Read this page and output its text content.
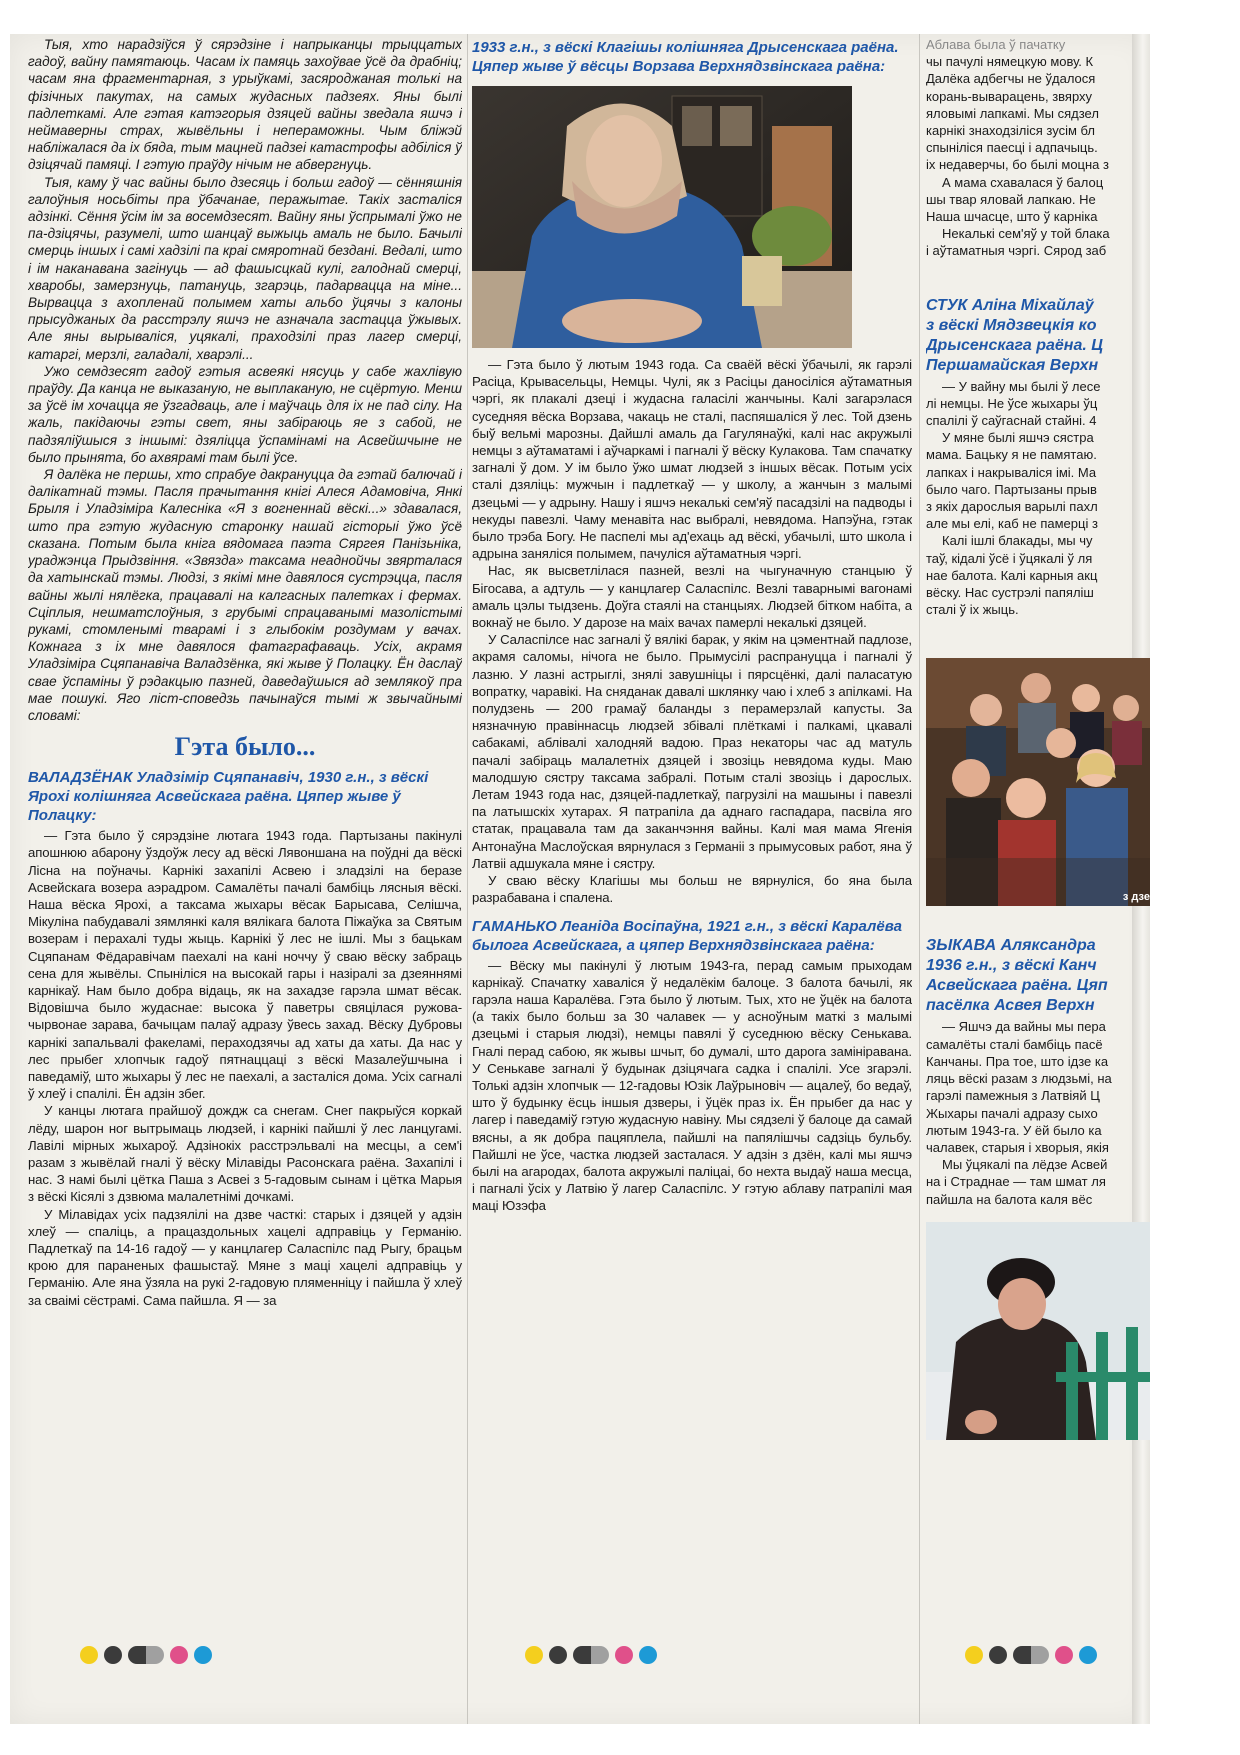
Тыя, хто нарадзіўся ў сярэдзіне і напрыканцы трыццатых гадоў, вайну памятаюць. Часам іх памяць захоўвае ўсё да драбніц; часам яна фрагментарная, з урыўкамі, засяроджаная толькі на фізічных пакутах, на самых жудасных падзеях. Яны былі падлеткамі. Але гэтая катэгорыя дзяцей вайны зведала яшчэ і неймаверны страх, жывёльны і непераможны. Чым бліжэй набліжалася да іх бяда, тым мацней падзеі катастрофы адбіліся ў дзіцячай памяці. І гэтую праўду нічым не абвергнуць.

Тыя, каму ў час вайны было дзесяць і больш гадоў — сённяшнія галоўныя носьбіты пра ўбачанае, перажытае. Такіх засталіся адзінкі. Сёння ўсім ім за восемдзесят. Вайну яны ўспрымалі ўжо не па-дзіцячы, разумелі, што шанцаў выжыць амаль не было. Бачылі смерць іншых і самі хадзілі па краі смяротнай бездані. Ведалі, што і ім наканавана загінуць — ад фашысцкай кулі, галоднай смерці, хваробы, замерзнуць, патануць, згарэць, падарвацца на міне... Вырвацца з ахопленай полымем хаты альбо ўцячы з калоны прысуджаных да расстрэлу яшчэ не азначала застацца ўжывых. Але яны вырываліся, уцякалі, праходзілі праз лагер смерці, катаргі, мерзлі, галадалі, хварэлі...

Ужо семдзесят гадоў гэтыя асвеякі нясуць у сабе жахлівую праўду. Да канца не выказаную, не выплаканую, не сцёртую. Менш за ўсё ім хочацца яе ўзгадваць, але і маўчаць для іх не пад сілу. На жаль, пакідаючы гэты свет, яны забіраюць яе з сабой, не падзяліўшыся з іншымі: дзяліцца ўспамінамі на Асвейшчыне не было прынята, бо ахвярамі там былі ўсе.

Я далёка не першы, хто спрабуе дакрануцца да гэтай балючай і далікатнай тэмы. Пасля прачытання кнігі Алеся Адамовіча, Янкі Брыля і Уладзіміра Калесніка «Я з вогненнай вёскі...» здавалася, што пра гэтую жудасную старонку нашай гісторыі ўжо ўсё сказана. Потым была кніга вядомага паэта Сяргея Панізьніка, ураджэнца Прыдзвіння. «Звязда» таксама неаднойчы звярталася да хатынскай тэмы. Людзі, з якімі мне давялося сустрэцца, пасля вайны жылі нялёгка, працавалі на калгасных палетках і фермах. Сціплыя, нешматслоўныя, з грубымі спрацаванымі мазолістымі рукамі, стомленымі тварамі і з глыбокім роздумам у вачах. Кожнага з іх мне давялося фатаграфаваць. Усіх, акрамя Уладзіміра Сцяпанавіча Валадзёнка, які жыве ў Полацку. Ён даслаў свае ўспаміны ў рэдакцыю пазней, даведаўшыся ад землякоў пра мае пошукі. Яго ліст-споведзь пачынаўся тымі ж звычайнымі словамі:

Гэта было...
ВАЛАДЗЁНАК Уладзімір Сцяпанавіч, 1930 г.н., з вёскі Ярохі колішняга Асвейскага раёна. Цяпер жыве ў Полацку:

— Гэта было ў сярэдзіне лютага 1943 года. Партызаны пакінулі апошнюю абарону ўздоўж лесу ад вёскі Лявоншана на поўдні да вёскі Лісна на поўначы. Карнікі захапілі Асвею і зладзілі на беразе Асвейскага возера аэрадром. Самалёты пачалі бамбіць лясныя вёскі. Наша вёска Ярохі, а таксама жыхары вёсак Барысава, Селішча, Мікуліна пабудавалі зямлянкі каля вялікага балота Піжаўка за Святым возерам і перахалі туды жыць. Карнікі ў лес не ішлі. Мы з бацькам Сцяпанам Фёдаравічам паехалі на кані ноччу ў сваю вёску забраць сена для жывёлы. Спыніліся на высокай гары і назіралі за дзеяннямі карнікаў. Нам было добра відаць, як на захадзе гарэла шмат вёсак. Відовішча было жудаснае: высока ў паветры свяцілася ружова-чырвонае зарава, бачыцам палаў адразу ўвесь захад. Вёску Дубровы карнікі запальвалі факеламі, пераходзячы ад хаты да хаты. Да нас у лес прыбег хлопчык гадоў пятнаццаці з вёскі Мазалеўшчына і паведаміў, што жыхары ў лес не паехалі, а засталіся дома. Усіх сагналі ў хлеў і спалілі. Ён адзін збег.

У канцы лютага прайшоў дождж са снегам. Снег пакрыўся коркай лёду, шарон ног вытрымаць людзей, і карнікі пайшлі ў лес ланцугамі. Лавілі мірных жыхароў. Адзінокіх расстрэльвалі на месцы, а сем'і разам з жывёлай гналі ў вёску Мілавіды Расонскага раёна. Захапілі і нас. З намі былі цётка Паша з Асвеі з 5-гадовым сынам і цётка Марыя з вёскі Кісялі з дзвюма малалетнімі дочкамі.

У Мілавідах усіх падзялілі на дзве часткі: старых і дзяцей у адзін хлеў — спаліць, а працаздольных хацелі адправіць у Германію. Падлеткаў па 14-16 гадоў — у канцлагер Саласпілс пад Рыгу, брацьм крою для параненых фашыстаў. Мяне з маці хацелі адправіць у Германію. Але яна ўзяла на рукі 2-гадовую пляменніцу і пайшла ў хлеў за сваімі сёстрамі. Сама пайшла. Я — за

1933 г.н., з вёскі Клагішы колішняга Дрысенскага раёна. Цяпер жыве ў вёсцы Ворзава Верхнядзвінскага раёна:

— Гэта было ў лютым 1943 года. Са сваёй вёскі ўбачылі, як гарэлі Расіца, Крывасельцы, Немцы. Чулі, як з Расіцы даносіліся аўтаматныя чэргі, як плакалі дзеці і жудасна галасілі жанчыны. Калі загарэлася суседняя вёска Ворзава, чакаць не сталі, паспяшаліся ў лес. Той дзень быў вельмі марозны. Дайшлі амаль да Гагулянаўкі, калі нас акружылі немцы з аўтаматамі і аўчаркамі і пагналі ў вёску Кулакова. Там спачатку загналі ў дом. У ім было ўжо шмат людзей з іншых вёсак. Потым усіх сталі дзяліць: мужчын і падлеткаў — у школу, а жанчын з малымі дзецьмі — у адрыну. Нашу і яшчэ некалькі сем'яў пасадзілі на падводы і некуды павезлі. Чаму менавіта нас выбралі, невядома. Напэўна, гэтак было трэба Богу. Не паспелі мы ад'ехаць ад вёскі, убачылі, што школа і адрына заняліся полымем, пачуліся аўтаматныя чэргі.

Нас, як высветлілася пазней, везлі на чыгуначную станцыю ў Бігосава, а адтуль — у канцлагер Саласпілс. Везлі таварнымі вагонамі амаль цэлы тыдзень. Доўга стаялі на станцыях. Людзей бітком набіта, а вокнаў не было. У дарозе на маіх вачах памерлі некалькі дзяцей.

У Саласпілсе нас загналі ў вялікі барак, у якім на цэментнай падлозе, акрамя саломы, нічога не было. Прымусілі распрануцца і пагналі ў лазню. У лазні астрыглі, знялі завушніцы і пярсцёнкі, далі паласатую вопратку, чаравікі. На сняданак давалі шклянку чаю і хлеб з апілкамі. На полудзень — 200 грамаў баланды з перамерзлай капусты. За нязначную правіннасць людзей збівалі плёткамі і палкамі, цкавалі сабакамі, аблівалі халодняй вадою. Праз некаторы час ад матуль пачалі забіраць малалетніх дзяцей і звозіць невядома куды. Маю малодшую сястру таксама забралі. Потым сталі звозіць і дарослых. Летам 1943 года нас, дзяцей-падлеткаў, пагрузілі на машыны і павезлі па латышскіх хутарах. Я патрапіла да аднаго гаспадара, пасвіла яго статак, працавала там да заканчэння вайны. Калі мая мама Ягенія Антонаўна Маслоўская вярнулася з Германіі з прымусовых работ, яна ў Латвіі адшукала мяне і сястру.

У сваю вёску Клагішы мы больш не вярнуліся, бо яна была разрабавана і спалена.

ГАМАНЬКО Леаніда Восіпаўна, 1921 г.н., з вёскі Каралёва былога Асвейскага, а цяпер Верхнядзвінскага раёна:

— Вёску мы пакінулі ў лютым 1943-га, перад самым прыходам карнікаў. Спачатку хаваліся ў недалёкім балоце. З балота бачылі, як гарэла наша Каралёва. Гэта было ў лютым. Тых, хто не ўцёк на балота (а такіх было больш за 30 чалавек — у асноўным маткі з малымі дзецьмі і старыя людзі), немцы павялі ў суседнюю вёску Сенькава. Гналі перад сабою, як жывы шчыт, бо думалі, што дарога замініравана. У Сенькаве загналі ў будынак дзіцячага садка і спалілі. Усе згарэлі. Толькі адзін хлопчык — 12-гадовы Юзік Лаўрыновіч — ацалеў, бо ведаў, што ў будынку ёсць іншыя дзверы, і ўцёк праз іх. Ён прыбег да нас у лагер і паведаміў гэтую жудасную навіну. Мы сядзелі ў балоце да самай вясны, а як добра пацяплела, пайшлі на папялішчы садзіць бульбу. Пайшлі не ўсе, частка людзей засталася. У адзін з дзён, калі мы яшчэ былі на агародах, балота акружылі паліцаі, бо нехта выдаў наша месца, і пагналі ўсіх у Латвію ў лагер Саласпілс. У гэтую аблаву патрапілі мая маці Юзэфа

Аблава была ў пачатку
чы пачулі нямецкую мову. К
Далёка адбегчы не ўдалося
корань-выварацень, звярху
яловымі лапкамі. Мы сядзел
карнікі знаходзіліся зусім бл
спыніліся паесці і адпачыць.
іх недаверчы, бо былі моцна з
А мама схавалася ў балоц
шы твар яловай лапкаю. Не
Наша шчасце, што ў карніка
Некалькі сем'яў у той блака
і аўтаматныя чэргі. Сярод заб
СТУК Аліна Міхайлаў
з вёскі Мядзвецкія ко
Дрысенскага раёна. Ц
Першамайская Верхн
— У вайну мы былі ў лесе
лі немцы. Не ўсе жыхары ўц
спалілі ў саўгаснай стайні. 4
У мяне былі яшчэ сястра
мама. Бацьку я не памятаю.
лапках і накрываліся імі. Ма
было чаго. Партызаны прыв
з якіх дарослыя варылі пахл
але мы елі, каб не памерці з
Калі ішлі блакады, мы чу
таў, кідалі ўсё і ўцякалі ў ля
нае балота. Калі карныя акц
вёску. Нас сустрэлі папяліш
сталі ў іх жыць.
з дзе
ЗЫКАВА Аляксандра
1936 г.н., з вёскі Канч
Асвейскага раёна. Цяп
пасёлка Асвея Верхн
— Яшчэ да вайны мы пера
самалёты сталі бамбіць пасё
Канчаны. Пра тое, што ідзе ка
ляць вёскі разам з людзьмі, на
гарэлі памежныя з Латвіяй Ц
Жыхары пачалі адразу сыхо
лютым 1943-га. У ёй было ка
чалавек, старыя і хворыя, якія
Мы ўцякалі па лёдзе Асвей
на і Страднае — там шмат ля
пайшла на балота каля вёс
